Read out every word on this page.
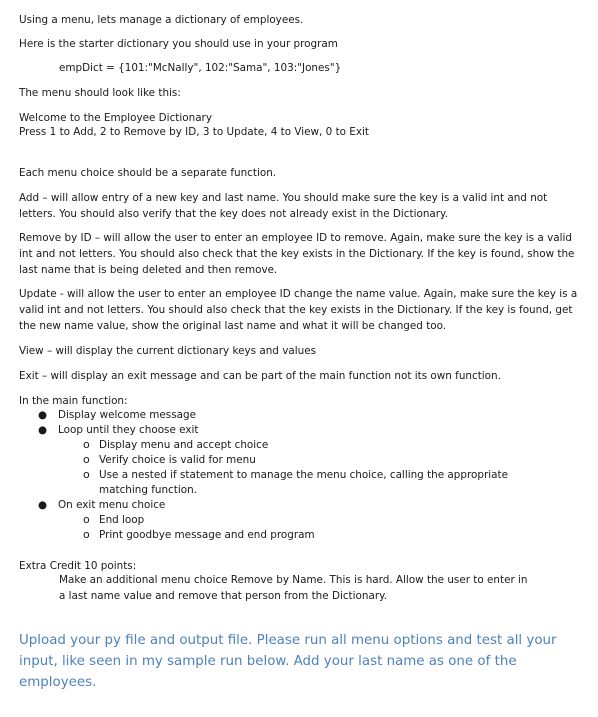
Using a menu, lets manage a dictionary of employees.

Here is the starter dictionary you should use in your program

empDict = {101:"McNally", 102:"Sama", 103:"Jones"}

The menu should look like this:

Welcome to the Employee Dictionary

Press 1 to Add, 2 to Remove by ID, 3 to Update, 4 to View, 0 to Exit

Each menu choice should be a separate function.

Add – will allow entry of a new key and last name. You should make sure the key is a valid int and not letters. You should also verify that the key does not already exist in the Dictionary.

Remove by ID – will allow the user to enter an employee ID to remove. Again, make sure the key is a valid int and not letters. You should also check that the key exists in the Dictionary. If the key is found, show the last name that is being deleted and then remove.

Update - will allow the user to enter an employee ID change the name value. Again, make sure the key is a valid int and not letters. You should also check that the key exists in the Dictionary. If the key is found, get the new name value, show the original last name and what it will be changed too.

View – will display the current dictionary keys and values

Exit – will display an exit message and can be part of the main function not its own function.

In the main function:

●	Display welcome message
●	Loop until they choose exit
o Display menu and accept choice
o Verify choice is valid for menu
o Use a nested if statement to manage the menu choice, calling the appropriate matching function.
●	On exit menu choice
o End loop
o Print goodbye message and end program

Extra Credit 10 points:

Make an additional menu choice Remove by Name. This is hard. Allow the user to enter in a last name value and remove that person from the Dictionary.

Upload your py file and output file. Please run all menu options and test all your input, like seen in my sample run below. Add your last name as one of the employees.
